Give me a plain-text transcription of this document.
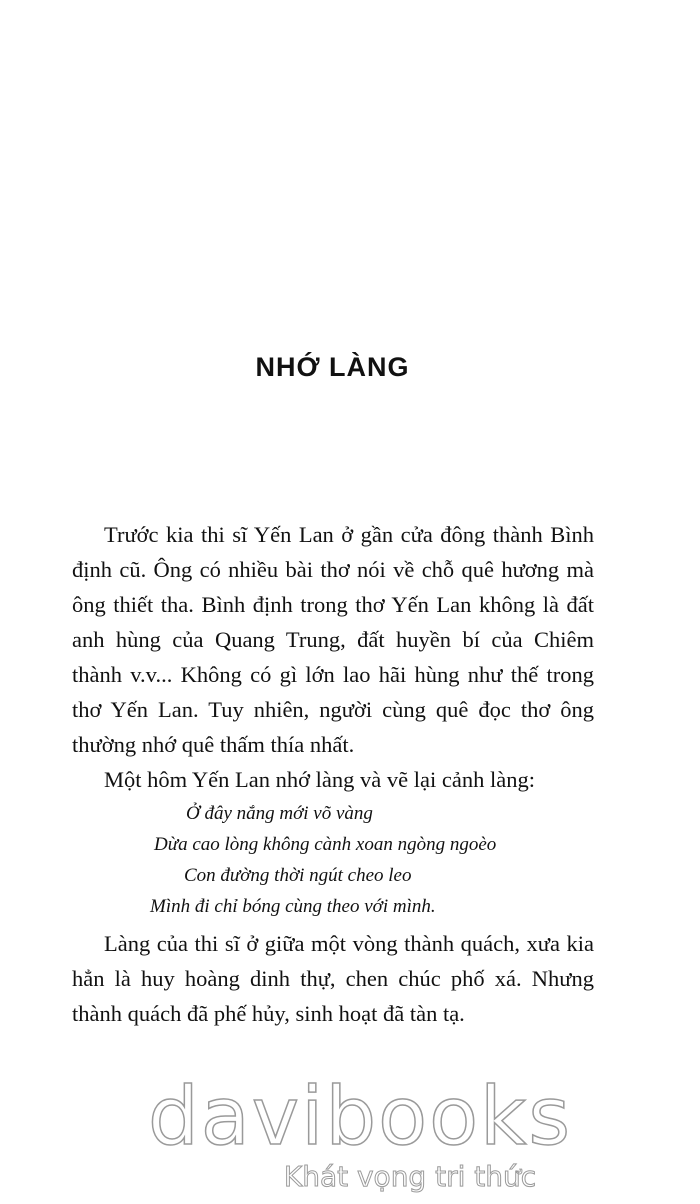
NHỚ LÀNG

Trước kia thi sĩ Yến Lan ở gần cửa đông thành Bình định cũ. Ông có nhiều bài thơ nói về chỗ quê hương mà ông thiết tha. Bình định trong thơ Yến Lan không là đất anh hùng của Quang Trung, đất huyền bí của Chiêm thành v.v... Không có gì lớn lao hãi hùng như thế trong thơ Yến Lan. Tuy nhiên, người cùng quê đọc thơ ông thường nhớ quê thấm thía nhất.

Một hôm Yến Lan nhớ làng và vẽ lại cảnh làng:

Ở đây nắng mới võ vàng
Dừa cao lòng không cành xoan ngòng ngoèo
Con đường thời ngút cheo leo
Mình đi chỉ bóng cùng theo với mình.

Làng của thi sĩ ở giữa một vòng thành quách, xưa kia hẳn là huy hoàng dinh thự, chen chúc phố xá. Nhưng thành quách đã phế hủy, sinh hoạt đã tàn tạ.

davibooks
Khát vọng tri thức
